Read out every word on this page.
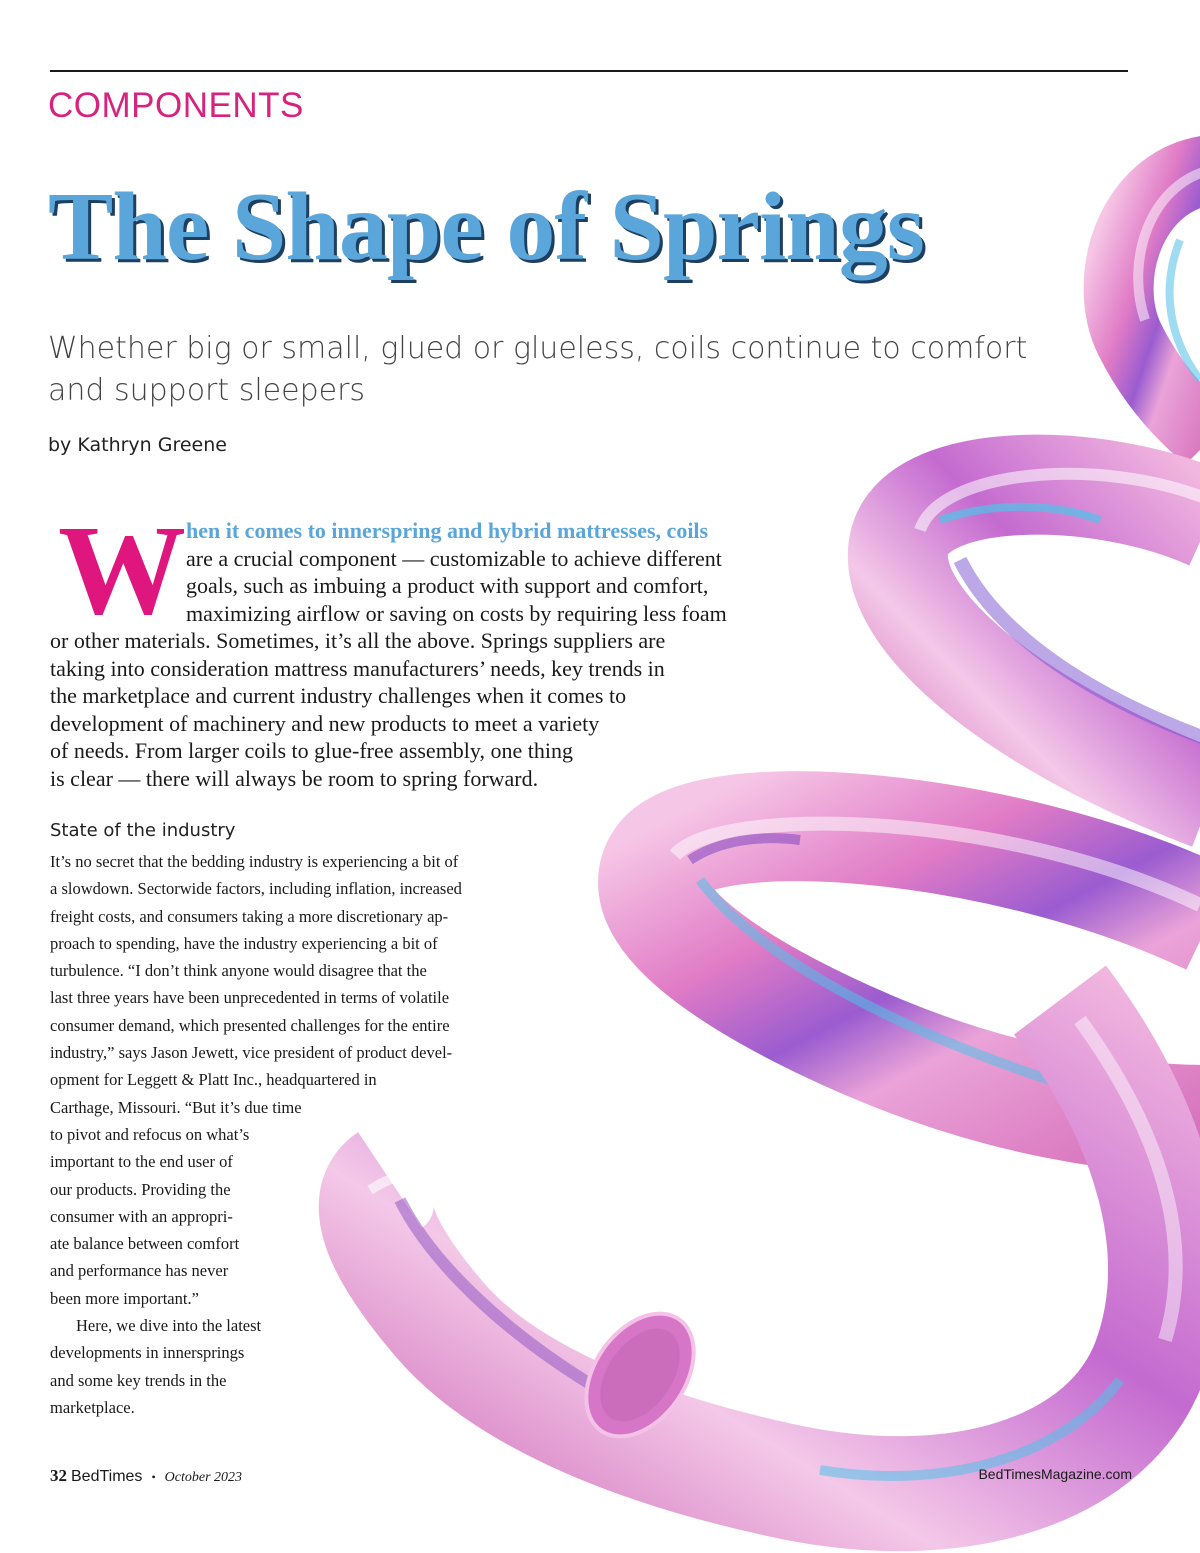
COMPONENTS
The Shape of Springs
Whether big or small, glued or glueless, coils continue to comfort
and support sleepers
by Kathryn Greene
W hen it comes to innerspring and hybrid mattresses, coils
are a crucial component — customizable to achieve different
goals, such as imbuing a product with support and comfort,
maximizing airflow or saving on costs by requiring less foam
or other materials. Sometimes, it’s all the above. Springs suppliers are
taking into consideration mattress manufacturers’ needs, key trends in
the marketplace and current industry challenges when it comes to
development of machinery and new products to meet a variety
of needs. From larger coils to glue-free assembly, one thing
is clear — there will always be room to spring forward.
State of the industry
It’s no secret that the bedding industry is experiencing a bit of
a slowdown. Sectorwide factors, including inflation, increased
freight costs, and consumers taking a more discretionary ap-
proach to spending, have the industry experiencing a bit of
turbulence. “I don’t think anyone would disagree that the
last three years have been unprecedented in terms of volatile
consumer demand, which presented challenges for the entire
industry,” says Jason Jewett, vice president of product devel-
opment for Leggett & Platt Inc., headquartered in
Carthage, Missouri. “But it’s due time
to pivot and refocus on what’s
important to the end user of
our products. Providing the
consumer with an appropri-
ate balance between comfort
and performance has never
been more important.”
Here, we dive into the latest
developments in innersprings
and some key trends in the
marketplace.
32 BedTimes • October 2023	BedTimesMagazine.com
